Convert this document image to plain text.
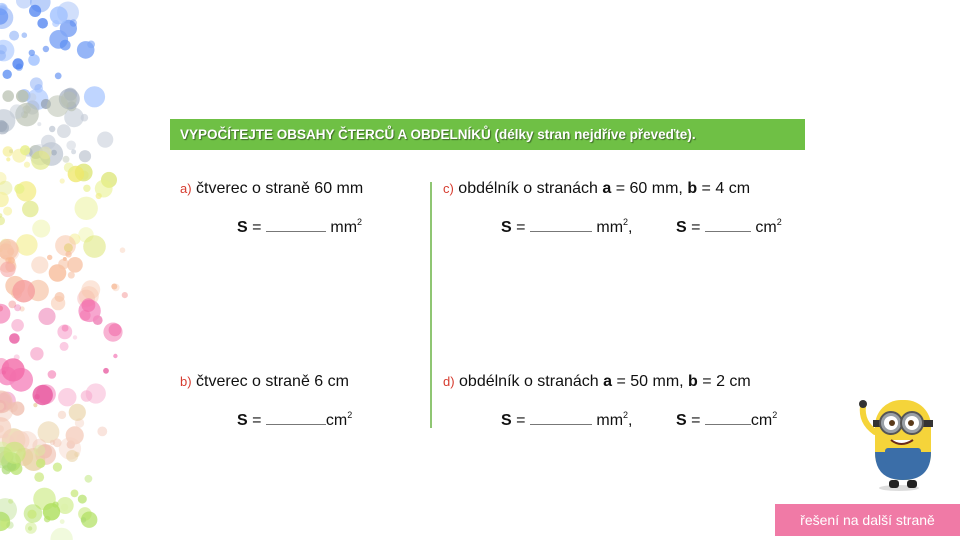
VYPOČÍTEJTE OBSAHY ČTERCŮ A OBDELNÍKŮ (délky stran nejdříve převeďte).
a) čtverec o straně 60 mm
S =	$mm^2$
b) čtverec o straně 6 cm
S =	$cm^2$
c) obdélník o stranách a = 60 mm, b = 4 cm
S =	$mm^2$,	S =	$cm^2$
d) obdélník o stranách a = 50 mm, b = 2 cm
S =	$mm^2$,	S =	$cm^2$
řešení na další straně
